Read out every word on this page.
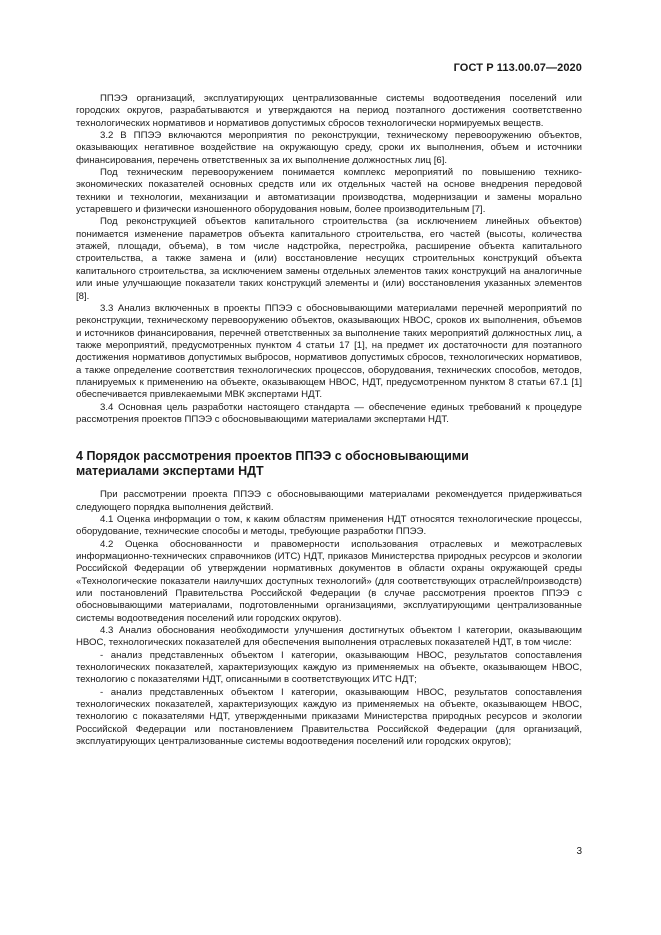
ГОСТ Р 113.00.07—2020

ППЭЭ организаций, эксплуатирующих централизованные системы водоотведения поселений или городских округов, разрабатываются и утверждаются на период поэтапного достижения соответственно технологических нормативов и нормативов допустимых сбросов технологически нормируемых веществ.

3.2 В ППЭЭ включаются мероприятия по реконструкции, техническому перевооружению объектов, оказывающих негативное воздействие на окружающую среду, сроки их выполнения, объем и источники финансирования, перечень ответственных за их выполнение должностных лиц [6].

Под техническим перевооружением понимается комплекс мероприятий по повышению технико-экономических показателей основных средств или их отдельных частей на основе внедрения передовой техники и технологии, механизации и автоматизации производства, модернизации и замены морально устаревшего и физически изношенного оборудования новым, более производительным [7].

Под реконструкцией объектов капитального строительства (за исключением линейных объектов) понимается изменение параметров объекта капитального строительства, его частей (высоты, количества этажей, площади, объема), в том числе надстройка, перестройка, расширение объекта капитального строительства, а также замена и (или) восстановление несущих строительных конструкций объекта капитального строительства, за исключением замены отдельных элементов таких конструкций на аналогичные или иные улучшающие показатели таких конструкций элементы и (или) восстановления указанных элементов [8].

3.3 Анализ включенных в проекты ППЭЭ с обосновывающими материалами перечней мероприятий по реконструкции, техническому перевооружению объектов, оказывающих НВОС, сроков их выполнения, объемов и источников финансирования, перечней ответственных за выполнение таких мероприятий должностных лиц, а также мероприятий, предусмотренных пунктом 4 статьи 17 [1], на предмет их достаточности для поэтапного достижения нормативов допустимых выбросов, нормативов допустимых сбросов, технологических нормативов, а также определение соответствия технологических процессов, оборудования, технических способов, методов, планируемых к применению на объекте, оказывающем НВОС, НДТ, предусмотренном пунктом 8 статьи 67.1 [1] обеспечивается привлекаемыми МВК экспертами НДТ.

3.4 Основная цель разработки настоящего стандарта — обеспечение единых требований к процедуре рассмотрения проектов ППЭЭ с обосновывающими материалами экспертами НДТ.

4 Порядок рассмотрения проектов ППЭЭ с обосновывающими
материалами экспертами НДТ

При рассмотрении проекта ППЭЭ с обосновывающими материалами рекомендуется придерживаться следующего порядка выполнения действий.

4.1 Оценка информации о том, к каким областям применения НДТ относятся технологические процессы, оборудование, технические способы и методы, требующие разработки ППЭЭ.

4.2 Оценка обоснованности и правомерности использования отраслевых и межотраслевых информационно-технических справочников (ИТС) НДТ, приказов Министерства природных ресурсов и экологии Российской Федерации об утверждении нормативных документов в области охраны окружающей среды «Технологические показатели наилучших доступных технологий» (для соответствующих отраслей/производств) или постановлений Правительства Российской Федерации (в случае рассмотрения проектов ППЭЭ с обосновывающими материалами, подготовленными организациями, эксплуатирующими централизованные системы водоотведения поселений или городских округов).

4.3 Анализ обоснования необходимости улучшения достигнутых объектом I категории, оказывающим НВОС, технологических показателей для обеспечения выполнения отраслевых показателей НДТ, в том числе:

- анализ представленных объектом I категории, оказывающим НВОС, результатов сопоставления технологических показателей, характеризующих каждую из применяемых на объекте, оказывающем НВОС, технологию с показателями НДТ, описанными в соответствующих ИТС НДТ;

- анализ представленных объектом I категории, оказывающим НВОС, результатов сопоставления технологических показателей, характеризующих каждую из применяемых на объекте, оказывающем НВОС, технологию с показателями НДТ, утвержденными приказами Министерства природных ресурсов и экологии Российской Федерации или постановлением Правительства Российской Федерации (для организаций, эксплуатирующих централизованные системы водоотведения поселений или городских округов);

3
